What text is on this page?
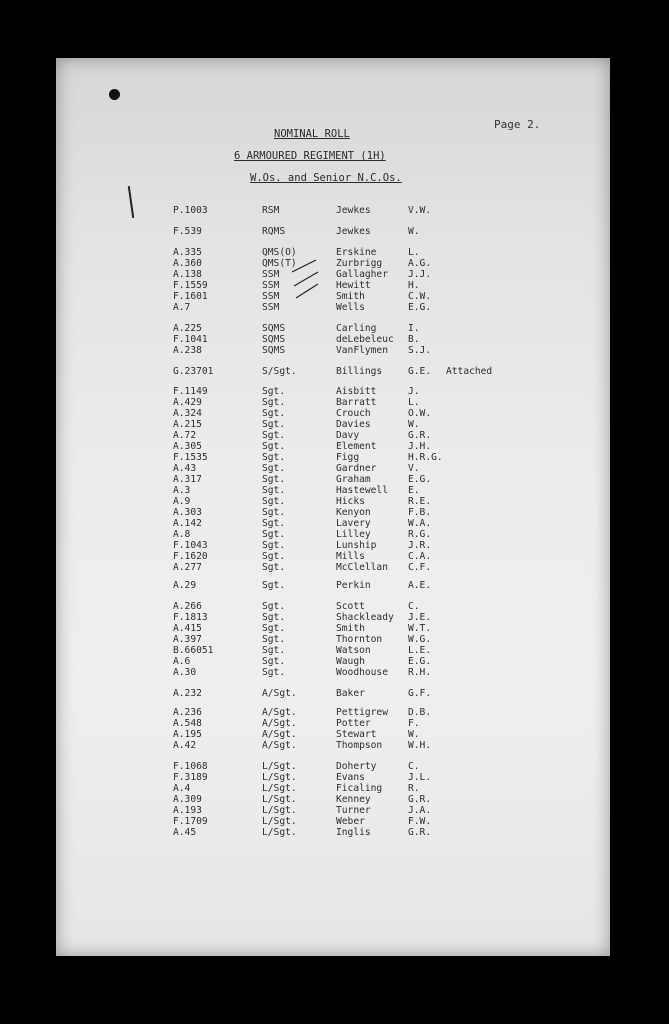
Page 2.
NOMINAL ROLL
6 ARMOURED REGIMENT (1H)
W.Os. and Senior N.C.Os.
P.1003	RSM	Jewkes	V.W.
F.539	RQMS	Jewkes	W.
A.335	QMS(O)	Erskine	L.
A.360	QMS(T)	Zurbrigg	A.G.
A.138	SSM	Gallagher J.J.
F.1559	SSM	Hewitt	H.
F.1601	SSM	Smith	C.W.
A.7	SSM	Wells	E.G.
A.225	SQMS	Carling	I.
F.1041	SQMS	deLebeleuc B.
A.238	SQMS	VanFlymen S.J.
G.23701	S/Sgt.	Billings	G.E. Attached
F.1149	Sgt.	Aisbitt	J.
A.429	Sgt.	Barratt	L.
A.324	Sgt.	Crouch	O.W.
A.215	Sgt.	Davies	W.
A.72	Sgt.	Davy	G.R.
A.305	Sgt.	Element	J.H.
F.1535	Sgt.	Figg	H.R.G.
A.43	Sgt.	Gardner	V.
A.317	Sgt.	Graham	E.G.
A.3	Sgt.	Hastewell E.
A.9	Sgt.	Hicks	R.E.
A.303	Sgt.	Kenyon	F.B.
A.142	Sgt.	Lavery	W.A.
A.8	Sgt.	Lilley	R.G.
F.1043	Sgt.	Lunship	J.R.
F.1620	Sgt.	Mills	C.A.
A.277	Sgt.	McClellan C.F.
A.29	Sgt.	Perkin	A.E.
A.266	Sgt.	Scott	C.
F.1813	Sgt.	Shackleady J.E.
A.415	Sgt.	Smith	W.T.
A.397	Sgt.	Thornton	W.G.
B.66051	Sgt.	Watson	L.E.
A.6	Sgt.	Waugh	E.G.
A.30	Sgt.	Woodhouse R.H.
A.232	A/Sgt.	Baker	G.F.
A.236	A/Sgt.	Pettigrew D.B.
A.548	A/Sgt.	Potter	F.
A.195	A/Sgt.	Stewart	W.
A.42	A/Sgt.	Thompson	W.H.
F.1068	L/Sgt.	Doherty	C.
F.3189	L/Sgt.	Evans	J.L.
A.4	L/Sgt.	Ficaling	R.
A.309	L/Sgt.	Kenney	G.R.
A.193	L/Sgt.	Turner	J.A.
F.1709	L/Sgt.	Weber	F.W.
A.45	L/Sgt.	Inglis	G.R.
